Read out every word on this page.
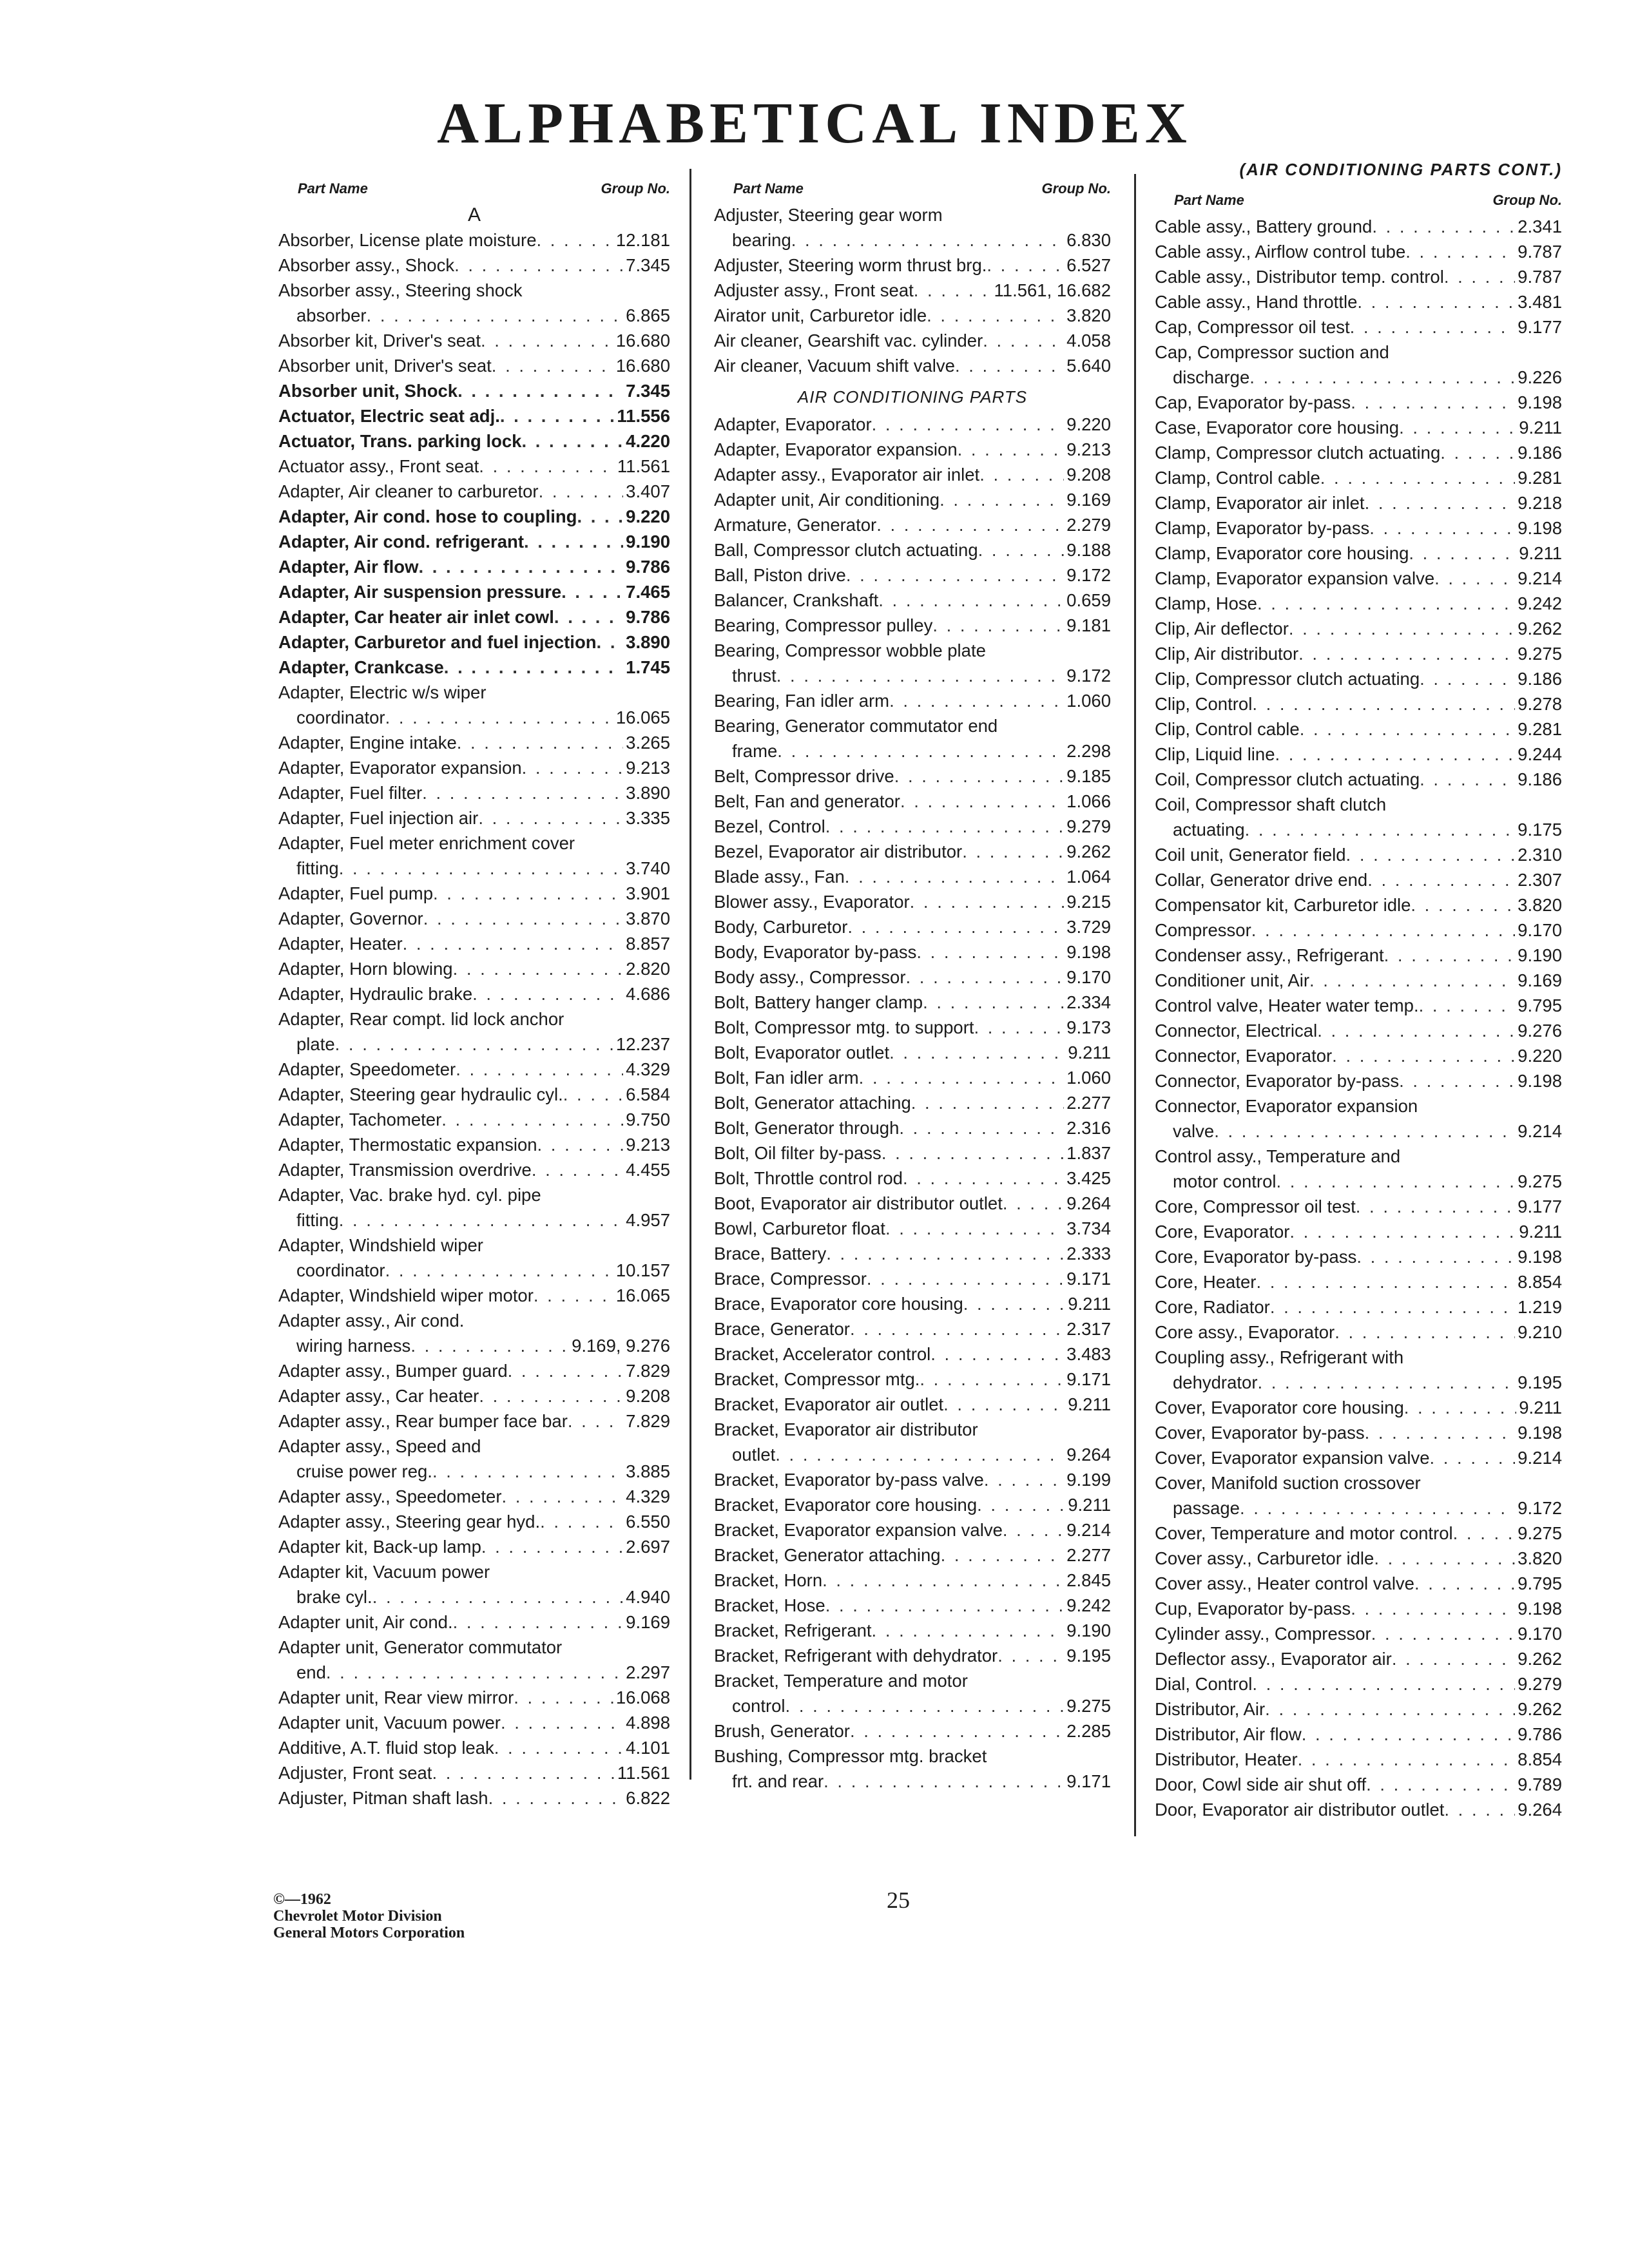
ALPHABETICAL INDEX
Part Name	Group No.
A
Absorber, License plate moisture . . .	12.181
Absorber assy., Shock . . .	7.345
Absorber assy., Steering shock
absorber . . .	6.865
Absorber kit, Driver's seat . . .	16.680
Absorber unit, Driver's seat . . .	16.680
Absorber unit, Shock . . .	7.345
Actuator, Electric seat adj. . . .	11.556
Actuator, Trans. parking lock . . .	4.220
Actuator assy., Front seat . . .	11.561
Adapter, Air cleaner to carburetor . . .	3.407
Adapter, Air cond. hose to coupling . . .	9.220
Adapter, Air cond. refrigerant . . .	9.190
Adapter, Air flow . . .	9.786
Adapter, Air suspension pressure . . .	7.465
Adapter, Car heater air inlet cowl . . .	9.786
Adapter, Carburetor and fuel injection . . . 3.890
Adapter, Crankcase . . .	1.745
Adapter, Electric w/s wiper
coordinator . . .	16.065
Adapter, Engine intake . . .	3.265
Adapter, Evaporator expansion . . .	9.213
Adapter, Fuel filter . . .	3.890
Adapter, Fuel injection air . . .	3.335
Adapter, Fuel meter enrichment cover
fitting . . .	3.740
Adapter, Fuel pump . . .	3.901
Adapter, Governor . . .	3.870
Adapter, Heater . . .	8.857
Adapter, Horn blowing . . .	2.820
Adapter, Hydraulic brake . . .	4.686
Adapter, Rear compt. lid lock anchor
plate . . .	12.237
Adapter, Speedometer . . .	4.329
Adapter, Steering gear hydraulic cyl. . . .	6.584
Adapter, Tachometer . . .	9.750
Adapter, Thermostatic expansion . . .	9.213
Adapter, Transmission overdrive . . .	4.455
Adapter, Vac. brake hyd. cyl. pipe
fitting . . .	4.957
Adapter, Windshield wiper
coordinator . . .	10.157
Adapter, Windshield wiper motor . . .	16.065
Adapter assy., Air cond.
wiring harness . . .	9.169, 9.276
Adapter assy., Bumper guard . . .	7.829
Adapter assy., Car heater . . .	9.208
Adapter assy., Rear bumper face bar . . .	7.829
Adapter assy., Speed and
cruise power reg. . . .	3.885
Adapter assy., Speedometer . . .	4.329
Adapter assy., Steering gear hyd. . . .	6.550
Adapter kit, Back-up lamp . . .	2.697
Adapter kit, Vacuum power
brake cyl. . . .	4.940
Adapter unit, Air cond. . . .	9.169
Adapter unit, Generator commutator
end . . .	2.297
Adapter unit, Rear view mirror . . .	16.068
Adapter unit, Vacuum power . . .	4.898
Additive, A.T. fluid stop leak . . .	4.101
Adjuster, Front seat . . .	11.561
Adjuster, Pitman shaft lash . . .	6.822
Part Name	Group No.
Adjuster, Steering gear worm
bearing . . .	6.830
Adjuster, Steering worm thrust brg. . . .	6.527
Adjuster assy., Front seat . . .	11.561, 16.682
Airator unit, Carburetor idle . . .	3.820
Air cleaner, Gearshift vac. cylinder . . .	4.058
Air cleaner, Vacuum shift valve . . .	5.640
AIR CONDITIONING PARTS
Adapter, Evaporator . . .	9.220
Adapter, Evaporator expansion . . .	9.213
Adapter assy., Evaporator air inlet . . .	9.208
Adapter unit, Air conditioning . . .	9.169
Armature, Generator . . .	2.279
Ball, Compressor clutch actuating . . .	9.188
Ball, Piston drive . . .	9.172
Balancer, Crankshaft . . .	0.659
Bearing, Compressor pulley . . .	9.181
Bearing, Compressor wobble plate
thrust . . .	9.172
Bearing, Fan idler arm . . .	1.060
Bearing, Generator commutator end
frame . . .	2.298
Belt, Compressor drive . . .	9.185
Belt, Fan and generator . . .	1.066
Bezel, Control . . .	9.279
Bezel, Evaporator air distributor . . .	9.262
Blade assy., Fan . . .	1.064
Blower assy., Evaporator . . .	9.215
Body, Carburetor . . .	3.729
Body, Evaporator by-pass . . .	9.198
Body assy., Compressor . . .	9.170
Bolt, Battery hanger clamp . . .	2.334
Bolt, Compressor mtg. to support . . .	9.173
Bolt, Evaporator outlet . . .	9.211
Bolt, Fan idler arm . . .	1.060
Bolt, Generator attaching . . .	2.277
Bolt, Generator through . . .	2.316
Bolt, Oil filter by-pass . . .	1.837
Bolt, Throttle control rod . . .	3.425
Boot, Evaporator air distributor outlet . . .	9.264
Bowl, Carburetor float . . .	3.734
Brace, Battery . . .	2.333
Brace, Compressor . . .	9.171
Brace, Evaporator core housing . . .	9.211
Brace, Generator . . .	2.317
Bracket, Accelerator control . . .	3.483
Bracket, Compressor mtg. . . .	9.171
Bracket, Evaporator air outlet . . .	9.211
Bracket, Evaporator air distributor
outlet . . .	9.264
Bracket, Evaporator by-pass valve . . .	9.199
Bracket, Evaporator core housing . . .	9.211
Bracket, Evaporator expansion valve . . .	9.214
Bracket, Generator attaching . . .	2.277
Bracket, Horn . . .	2.845
Bracket, Hose . . .	9.242
Bracket, Refrigerant . . .	9.190
Bracket, Refrigerant with dehydrator . . .	9.195
Bracket, Temperature and motor
control . . .	9.275
Brush, Generator . . .	2.285
Bushing, Compressor mtg. bracket
frt. and rear . . .	9.171
(AIR CONDITIONING PARTS CONT.)
Part Name	Group No.
Cable assy., Battery ground . . .	2.341
Cable assy., Airflow control tube . . .	9.787
Cable assy., Distributor temp. control . . .	9.787
Cable assy., Hand throttle . . .	3.481
Cap, Compressor oil test . . .	9.177
Cap, Compressor suction and
discharge . . .	9.226
Cap, Evaporator by-pass . . .	9.198
Case, Evaporator core housing . . .	9.211
Clamp, Compressor clutch actuating . . .	9.186
Clamp, Control cable . . .	9.281
Clamp, Evaporator air inlet . . .	9.218
Clamp, Evaporator by-pass . . .	9.198
Clamp, Evaporator core housing . . .	9.211
Clamp, Evaporator expansion valve . . .	9.214
Clamp, Hose . . .	9.242
Clip, Air deflector . . .	9.262
Clip, Air distributor . . .	9.275
Clip, Compressor clutch actuating . . .	9.186
Clip, Control . . .	9.278
Clip, Control cable . . .	9.281
Clip, Liquid line . . .	9.244
Coil, Compressor clutch actuating . . .	9.186
Coil, Compressor shaft clutch
actuating . . .	9.175
Coil unit, Generator field . . .	2.310
Collar, Generator drive end . . .	2.307
Compensator kit, Carburetor idle . . .	3.820
Compressor . . .	9.170
Condenser assy., Refrigerant . . .	9.190
Conditioner unit, Air . . .	9.169
Control valve, Heater water temp. . . .	9.795
Connector, Electrical . . .	9.276
Connector, Evaporator . . .	9.220
Connector, Evaporator by-pass . . .	9.198
Connector, Evaporator expansion
valve . . .	9.214
Control assy., Temperature and
motor control . . .	9.275
Core, Compressor oil test . . .	9.177
Core, Evaporator . . .	9.211
Core, Evaporator by-pass . . .	9.198
Core, Heater . . .	8.854
Core, Radiator . . .	1.219
Core assy., Evaporator . . .	9.210
Coupling assy., Refrigerant with
dehydrator . . .	9.195
Cover, Evaporator core housing . . .	9.211
Cover, Evaporator by-pass . . .	9.198
Cover, Evaporator expansion valve . . .	9.214
Cover, Manifold suction crossover
passage . . .	9.172
Cover, Temperature and motor control . . .	9.275
Cover assy., Carburetor idle . . .	3.820
Cover assy., Heater control valve . . .	9.795
Cup, Evaporator by-pass . . .	9.198
Cylinder assy., Compressor . . .	9.170
Deflector assy., Evaporator air . . .	9.262
Dial, Control . . .	9.279
Distributor, Air . . .	9.262
Distributor, Air flow . . .	9.786
Distributor, Heater . . .	8.854
Door, Cowl side air shut off . . .	9.789
Door, Evaporator air distributor outlet . . .	9.264
©—1962
Chevrolet Motor Division
General Motors Corporation
25
